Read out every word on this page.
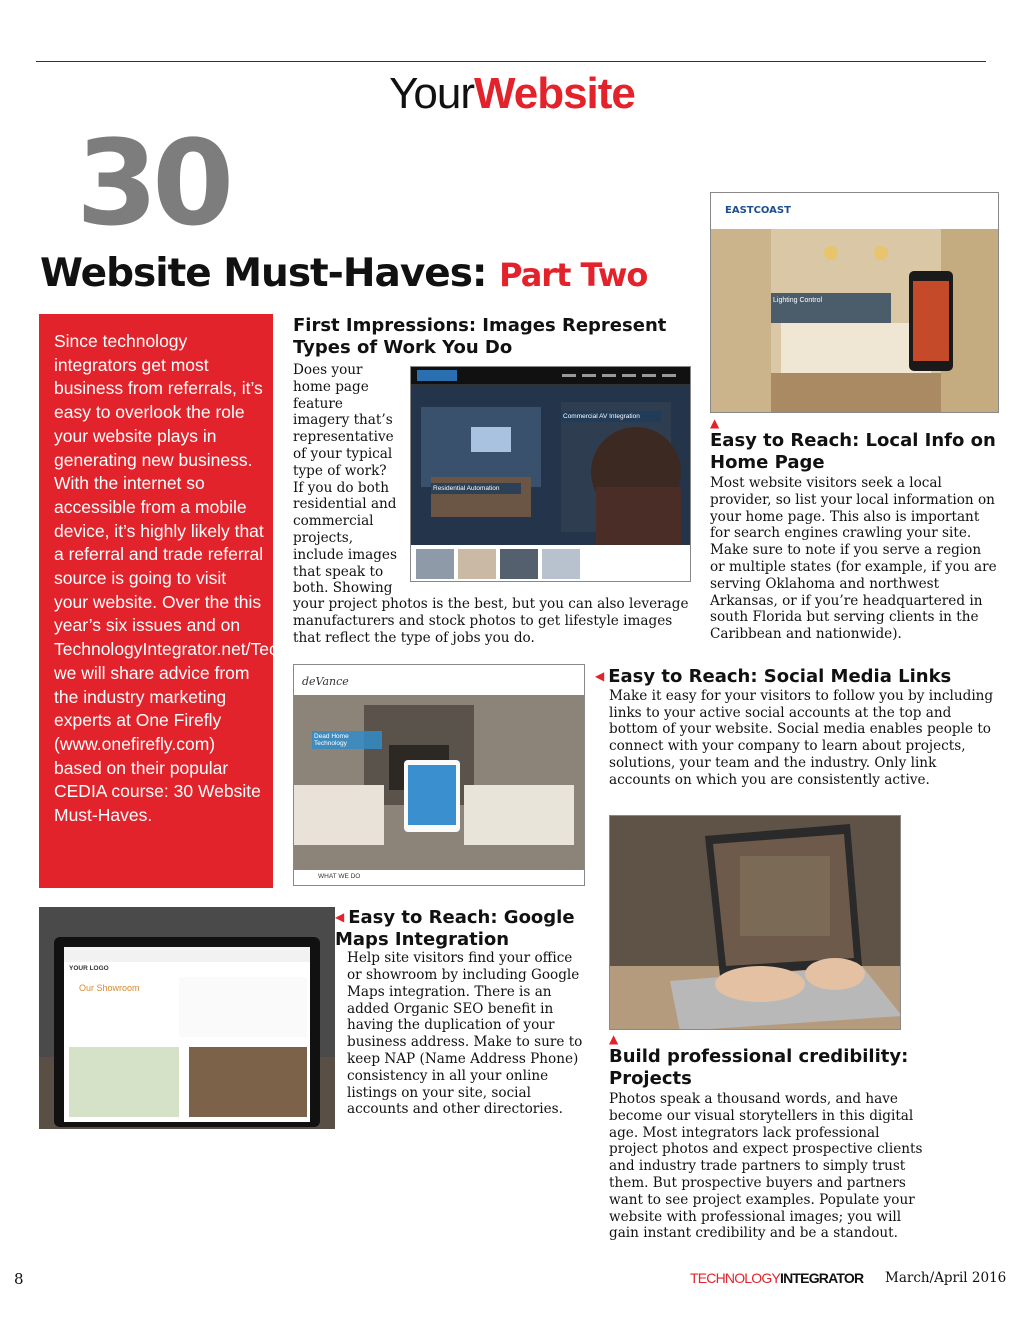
YourWebsite
30
Website Must-Haves: Part Two

Since technology integrators get most business from referrals, it’s easy to overlook the role your website plays in generating new business. With the internet so accessible from a mobile device, it’s highly likely that a referral and trade referral source is going to visit your website. Over the this year’s six issues and on TechnologyIntegrator.net/TechConnect, we will share advice from the industry marketing experts at One Firefly (www.onefirefly.com) based on their popular CEDIA course: 30 Website Must-Haves.

First Impressions: Images Represent Types of Work You Do
Does your home page feature imagery that’s representative of your typical type of work? If you do both residential and commercial projects, include images that speak to both. Showing
your project photos is the best, but you can also leverage manufacturers and stock photos to get lifestyle images that reflect the type of jobs you do.
Commercial AV Integration
Residential Automation
EASTCOAST
Lighting Control
▲
Easy to Reach: Local Info on Home Page
Most website visitors seek a local provider, so list your local information on your home page. This also is important for search engines crawling your site. Make sure to note if you serve a region or multiple states (for example, if you are serving Oklahoma and northwest Arkansas, or if you’re headquartered in south Florida but serving clients in the Caribbean and nationwide).
deVance
Dead Home Technology
WHAT WE DO
◀ Easy to Reach: Social Media Links
Make it easy for your visitors to follow you by including links to your active social accounts at the top and bottom of your website. Social media enables people to connect with your company to learn about projects, solutions, your team and the industry. Only link accounts on which you are consistently active.
Our Showroom
YOUR LOGO
◀ Easy to Reach: Google Maps Integration
Help site visitors find your office or showroom by including Google Maps integration. There is an added Organic SEO benefit in having the duplication of your business address. Make to sure to keep NAP (Name Address Phone) consistency in all your online listings on your site, social accounts and other directories.
▲
Build professional credibility: Projects
Photos speak a thousand words, and have become our visual storytellers in this digital age. Most integrators lack professional project photos and expect prospective clients and industry trade partners to simply trust them. But prospective buyers and partners want to see project examples. Populate your website with professional images; you will gain instant credibility and be a standout.
8	TECHNOLOGYINTEGRATOR March/April 2016
